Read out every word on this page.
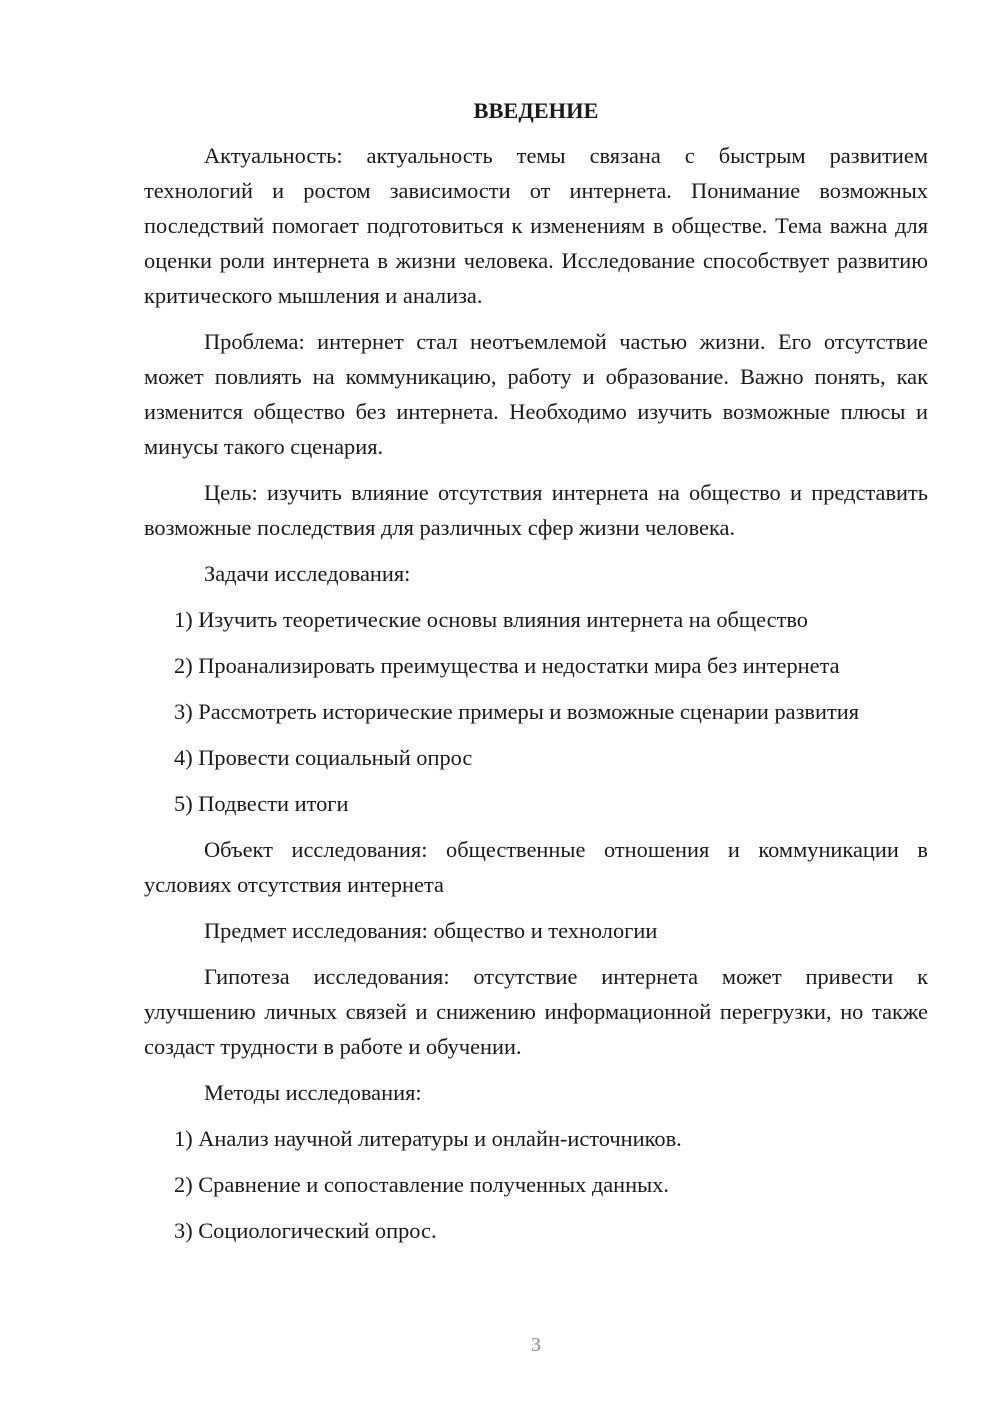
ВВЕДЕНИЕ

Актуальность: актуальность темы связана с быстрым развитием технологий и ростом зависимости от интернета. Понимание возможных последствий помогает подготовиться к изменениям в обществе. Тема важна для оценки роли интернета в жизни человека. Исследование способствует развитию критического мышления и анализа.

Проблема: интернет стал неотъемлемой частью жизни. Его отсутствие может повлиять на коммуникацию, работу и образование. Важно понять, как изменится общество без интернета. Необходимо изучить возможные плюсы и минусы такого сценария.

Цель: изучить влияние отсутствия интернета на общество и представить возможные последствия для различных сфер жизни человека.

Задачи исследования:

1) Изучить теоретические основы влияния интернета на общество

2) Проанализировать преимущества и недостатки мира без интернета

3) Рассмотреть исторические примеры и возможные сценарии развития

4) Провести социальный опрос

5) Подвести итоги

Объект исследования: общественные отношения и коммуникации в условиях отсутствия интернета

Предмет исследования: общество и технологии

Гипотеза исследования: отсутствие интернета может привести к улучшению личных связей и снижению информационной перегрузки, но также создаст трудности в работе и обучении.

Методы исследования:

1) Анализ научной литературы и онлайн-источников.

2) Сравнение и сопоставление полученных данных.

3) Социологический опрос.

3
